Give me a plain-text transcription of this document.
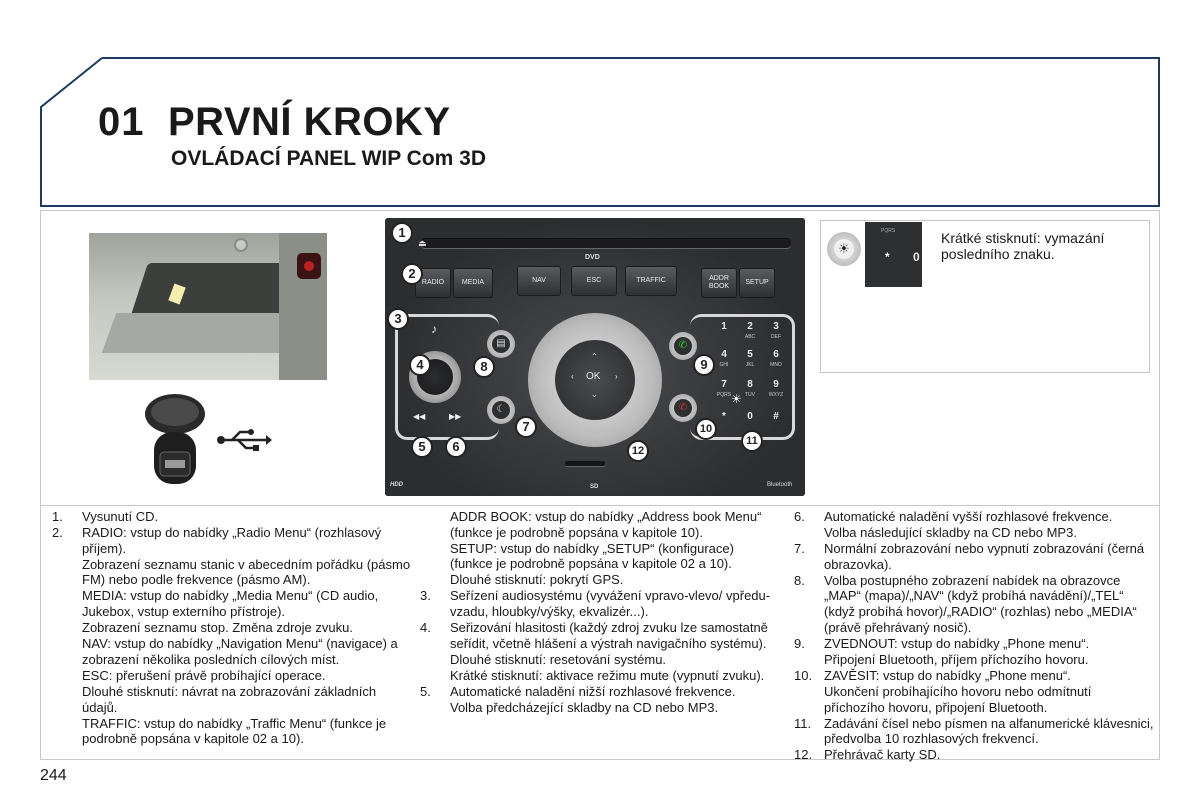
01 PRVNÍ KROKY
OVLÁDACÍ PANEL WIP Com 3D
⏏
DVD
RADIO	MEDIA	NAV	ESC	TRAFFIC	ADDR BOOK
SETUP
♪
◀◀	▶▶
▤
☾
OK
⌃
⌄
‹	›
✆
✆
1	2
ABC
3
DEF
4
GHI
5
JKL
6
MNO
7
PQRS
8
TUV
9
WXYZ
*	0	#
☀
HDD	SD	Bluetooth
1
2
3
4
5	6
7
8	9
10
11
12
PQRS
* 0
☀
Krátké stisknutí: vymazání posledního znaku.
1.	Vysunutí CD.
2.	RADIO: vstup do nabídky „Radio Menu“ (rozhlasový příjem).
Zobrazení seznamu stanic v abecedním pořádku (pásmo FM) nebo podle frekvence (pásmo AM).
MEDIA: vstup do nabídky „Media Menu“ (CD audio, Jukebox, vstup externího přístroje).
Zobrazení seznamu stop. Změna zdroje zvuku.
NAV: vstup do nabídky „Navigation Menu“ (navigace) a zobrazení několika posledních cílových míst.
ESC: přerušení právě probíhající operace.
Dlouhé stisknutí: návrat na zobrazování základních údajů.
TRAFFIC: vstup do nabídky „Traffic Menu“ (funkce je podrobně popsána v kapitole 02 a 10).
ADDR BOOK: vstup do nabídky „Address book Menu“ (funkce je podrobně popsána v kapitole 10).
SETUP: vstup do nabídky „SETUP“ (konfigurace) (funkce je podrobně popsána v kapitole 02 a 10).
Dlouhé stisknutí: pokrytí GPS.
3.	Seřízení audiosystému (vyvážení vpravo-vlevo/ vpředu-vzadu, hloubky/výšky, ekvalizér...).
4.	Seřizování hlasitosti (každý zdroj zvuku lze samostatně seřídit, včetně hlášení a výstrah navigačního systému).
Dlouhé stisknutí: resetování systému.
Krátké stisknutí: aktivace režimu mute (vypnutí zvuku).
5.	Automatické naladění nižší rozhlasové frekvence.
Volba předcházející skladby na CD nebo MP3.
6.	Automatické naladění vyšší rozhlasové frekvence.
Volba následující skladby na CD nebo MP3.
7.	Normální zobrazování nebo vypnutí zobrazování (černá obrazovka).
8.	Volba postupného zobrazení nabídek na obrazovce „MAP“ (mapa)/„NAV“ (když probíhá navádění)/„TEL“ (když probíhá hovor)/„RADIO“ (rozhlas) nebo „MEDIA“ (právě přehrávaný nosič).
9.	ZVEDNOUT: vstup do nabídky „Phone menu“.
Připojení Bluetooth, příjem příchozího hovoru.
10. ZAVĚSIT: vstup do nabídky „Phone menu“.
Ukončení probíhajícího hovoru nebo odmítnutí příchozího hovoru, připojení Bluetooth.
11. Zadávání čísel nebo písmen na alfanumerické klávesnici, předvolba 10 rozhlasových frekvencí.
12. Přehrávač karty SD.
244
